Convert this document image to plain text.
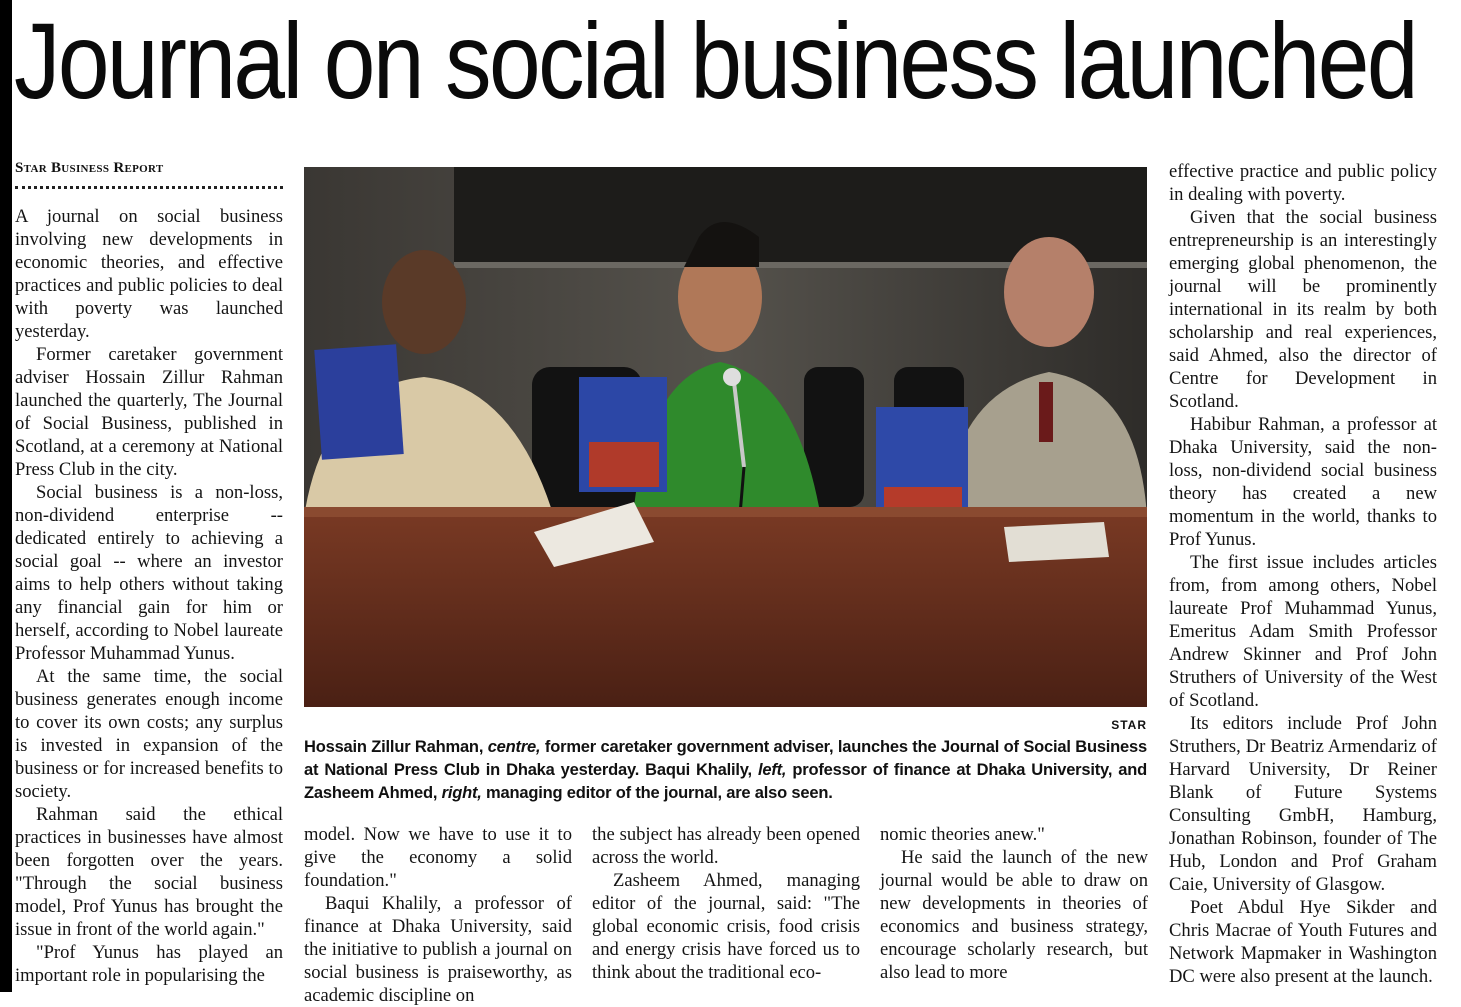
Journal on social business launched
Star Business Report

A journal on social business involving new developments in economic theories, and effective practices and public policies to deal with poverty was launched yesterday.

Former caretaker government adviser Hossain Zillur Rahman launched the quarterly, The Journal of Social Business, published in Scotland, at a ceremony at National Press Club in the city.

Social business is a non-loss, non-dividend enterprise -- dedicated entirely to achieving a social goal -- where an investor aims to help others without taking any financial gain for him or herself, according to Nobel laureate Professor Muhammad Yunus.

At the same time, the social business generates enough income to cover its own costs; any surplus is invested in expansion of the business or for increased benefits to society.

Rahman said the ethical practices in businesses have almost been forgotten over the years. "Through the social business model, Prof Yunus has brought the issue in front of the world again."

"Prof Yunus has played an important role in popularising the

STAR
Hossain Zillur Rahman, centre, former caretaker government adviser, launches the Journal of Social Business at National Press Club in Dhaka yesterday. Baqui Khalily, left, professor of finance at Dhaka University, and Zasheem Ahmed, right, managing editor of the journal, are also seen.

model. Now we have to use it to give the economy a solid foundation."

Baqui Khalily, a professor of finance at Dhaka University, said the initiative to publish a journal on social business is praiseworthy, as academic discipline on

the subject has already been opened across the world.

Zasheem Ahmed, managing editor of the journal, said: "The global economic crisis, food crisis and energy crisis have forced us to think about the traditional eco-

nomic theories anew."

He said the launch of the new journal would be able to draw on new developments in theories of economics and business strategy, encourage scholarly research, but also lead to more

effective practice and public policy in dealing with poverty.

Given that the social business entrepreneurship is an interestingly emerging global phenomenon, the journal will be prominently international in its realm by both scholarship and real experiences, said Ahmed, also the director of Centre for Development in Scotland.

Habibur Rahman, a professor at Dhaka University, said the non-loss, non-dividend social business theory has created a new momentum in the world, thanks to Prof Yunus.

The first issue includes articles from, from among others, Nobel laureate Prof Muhammad Yunus, Emeritus Adam Smith Professor Andrew Skinner and Prof John Struthers of University of the West of Scotland.

Its editors include Prof John Struthers, Dr Beatriz Armendariz of Harvard University, Dr Reiner Blank of Future Systems Consulting GmbH, Hamburg, Jonathan Robinson, founder of The Hub, London and Prof Graham Caie, University of Glasgow.

Poet Abdul Hye Sikder and Chris Macrae of Youth Futures and Network Mapmaker in Washington DC were also present at the launch.
